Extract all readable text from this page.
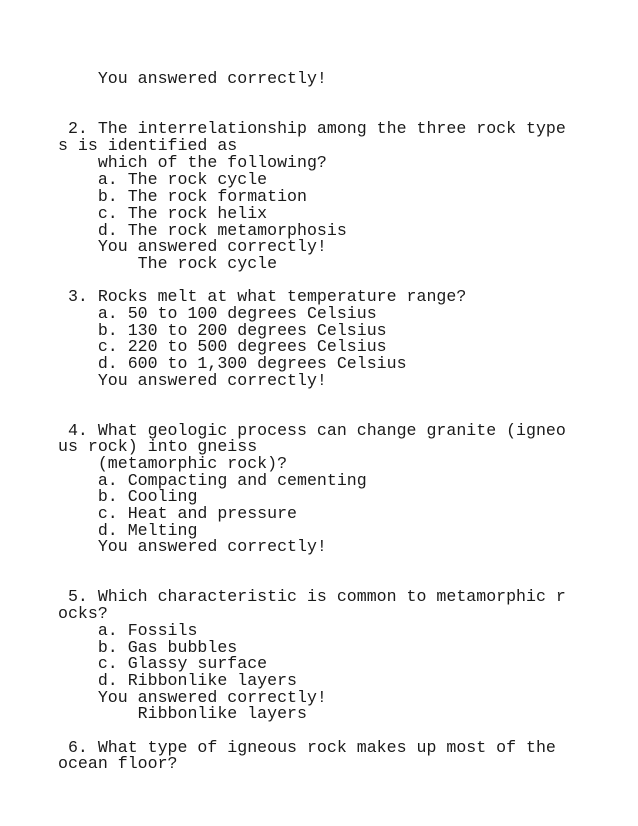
You answered correctly!
2. The interrelationship among the three rock type
s is identified as
which of the following?
a. The rock cycle
b. The rock formation
c. The rock helix
d. The rock metamorphosis
You answered correctly!
The rock cycle
3. Rocks melt at what temperature range?
a. 50 to 100 degrees Celsius
b. 130 to 200 degrees Celsius
c. 220 to 500 degrees Celsius
d. 600 to 1,300 degrees Celsius
You answered correctly!
4. What geologic process can change granite (igneo
us rock) into gneiss
(metamorphic rock)?
a. Compacting and cementing
b. Cooling
c. Heat and pressure
d. Melting
You answered correctly!
5. Which characteristic is common to metamorphic r
ocks?
a. Fossils
b. Gas bubbles
c. Glassy surface
d. Ribbonlike layers
You answered correctly!
Ribbonlike layers
6. What type of igneous rock makes up most of the
ocean floor?
